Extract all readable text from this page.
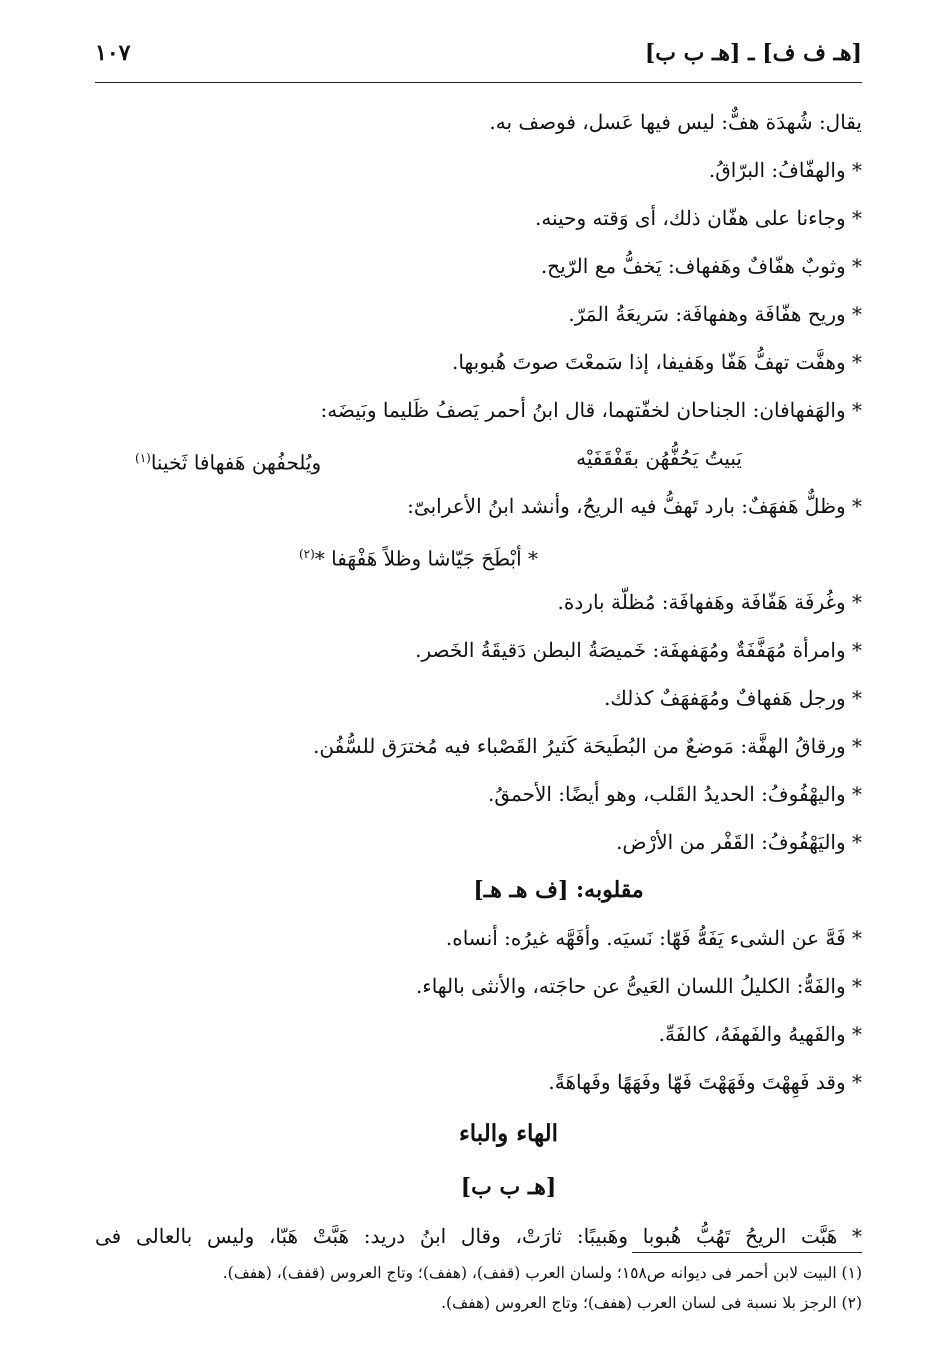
[هـ ف ف] ـ [هـ ب ب]
١٠٧
يقال: شُهدَة هفٌّ: ليس فيها عَسل، فوصف به.
* والهفّافُ: البرّاقُ.
* وجاءنا على هفّان ذلك، أى وَقته وحينه.
* وثوبٌ هفّافٌ وهَفهاف: يَخفُّ مع الرّيح.
* وريح هفّافَة وهفهافَة: سَريعَةُ المَرّ.
* وهفَّت تهفُّ هَفّا وهَفيفا، إذا سَمعْتَ صوتَ هُبوبها.
* والهَفهافان: الجناحان لخفّتهما، قال ابنُ أحمر يَصفُ ظَليما وبَيضَه:
يَبيتُ يَحُفُّهُن بقَفْقَفَيْه
ويُلحفُهن هَفهافا ثَخينا$^{(١)}$
* وظلٌّ هَفهَفٌ: بارد تَهفُّ فيه الريحُ، وأنشد ابنُ الأعرابىّ:
* أبْطَحَ جَيّاشا وظلاً هَفْهَفا *$^{(٢)}$
* وغُرفَة هَفّافَة وهَفهافَة: مُظلّة باردة.
* وامرأة مُهَفَّفَةٌ ومُهَفهفَة: خَميصَةُ البطن دَقيقَةُ الخَصر.
* ورجل هَفهافٌ ومُهَفهَفٌ كذلك.
* ورقاقُ الهفَّة: مَوضعٌ من البُطَيحَة كَثيرُ القَصْباء فيه مُخترَق للسُّفُن.
* واليهْفُوفُ: الحديدُ القَلب، وهو أيضًا: الأحمقُ.
* واليَهْفُوفُ: القَفْر من الأرْض.
مقلوبه: [ف هـ هـ]
* فَهَّ عن الشىء يَفَهُّ فَهّا: نَسيَه. وأفَهَّه غيرُه: أنساه.
* والفَهُّ: الكليلُ اللسان العَيىُّ عن حاجَته، والأنثى بالهاء.
* والفَهيهُ والفَهفَهُ، كالفَهِّ.
* وقد فَهِهْتَ وفَهَهْتَ فَهّا وفَهَهًا وفَهاهَةً.
الهاء والباء
[هـ ب ب]
* هَبَّت الريحُ تَهُبُّ هُبوبا وهَبيبًا: ثارَتْ، وقال ابنُ دريد: هَبَّتْ هَبّا، وليس بالعالى فى
(١) البيت لابن أحمر فى ديوانه ص١٥٨؛ ولسان العرب (قفف)، (هفف)؛ وتاج العروس (قفف)، (هفف).
(٢) الرجز بلا نسبة فى لسان العرب (هفف)؛ وتاج العروس (هفف).
